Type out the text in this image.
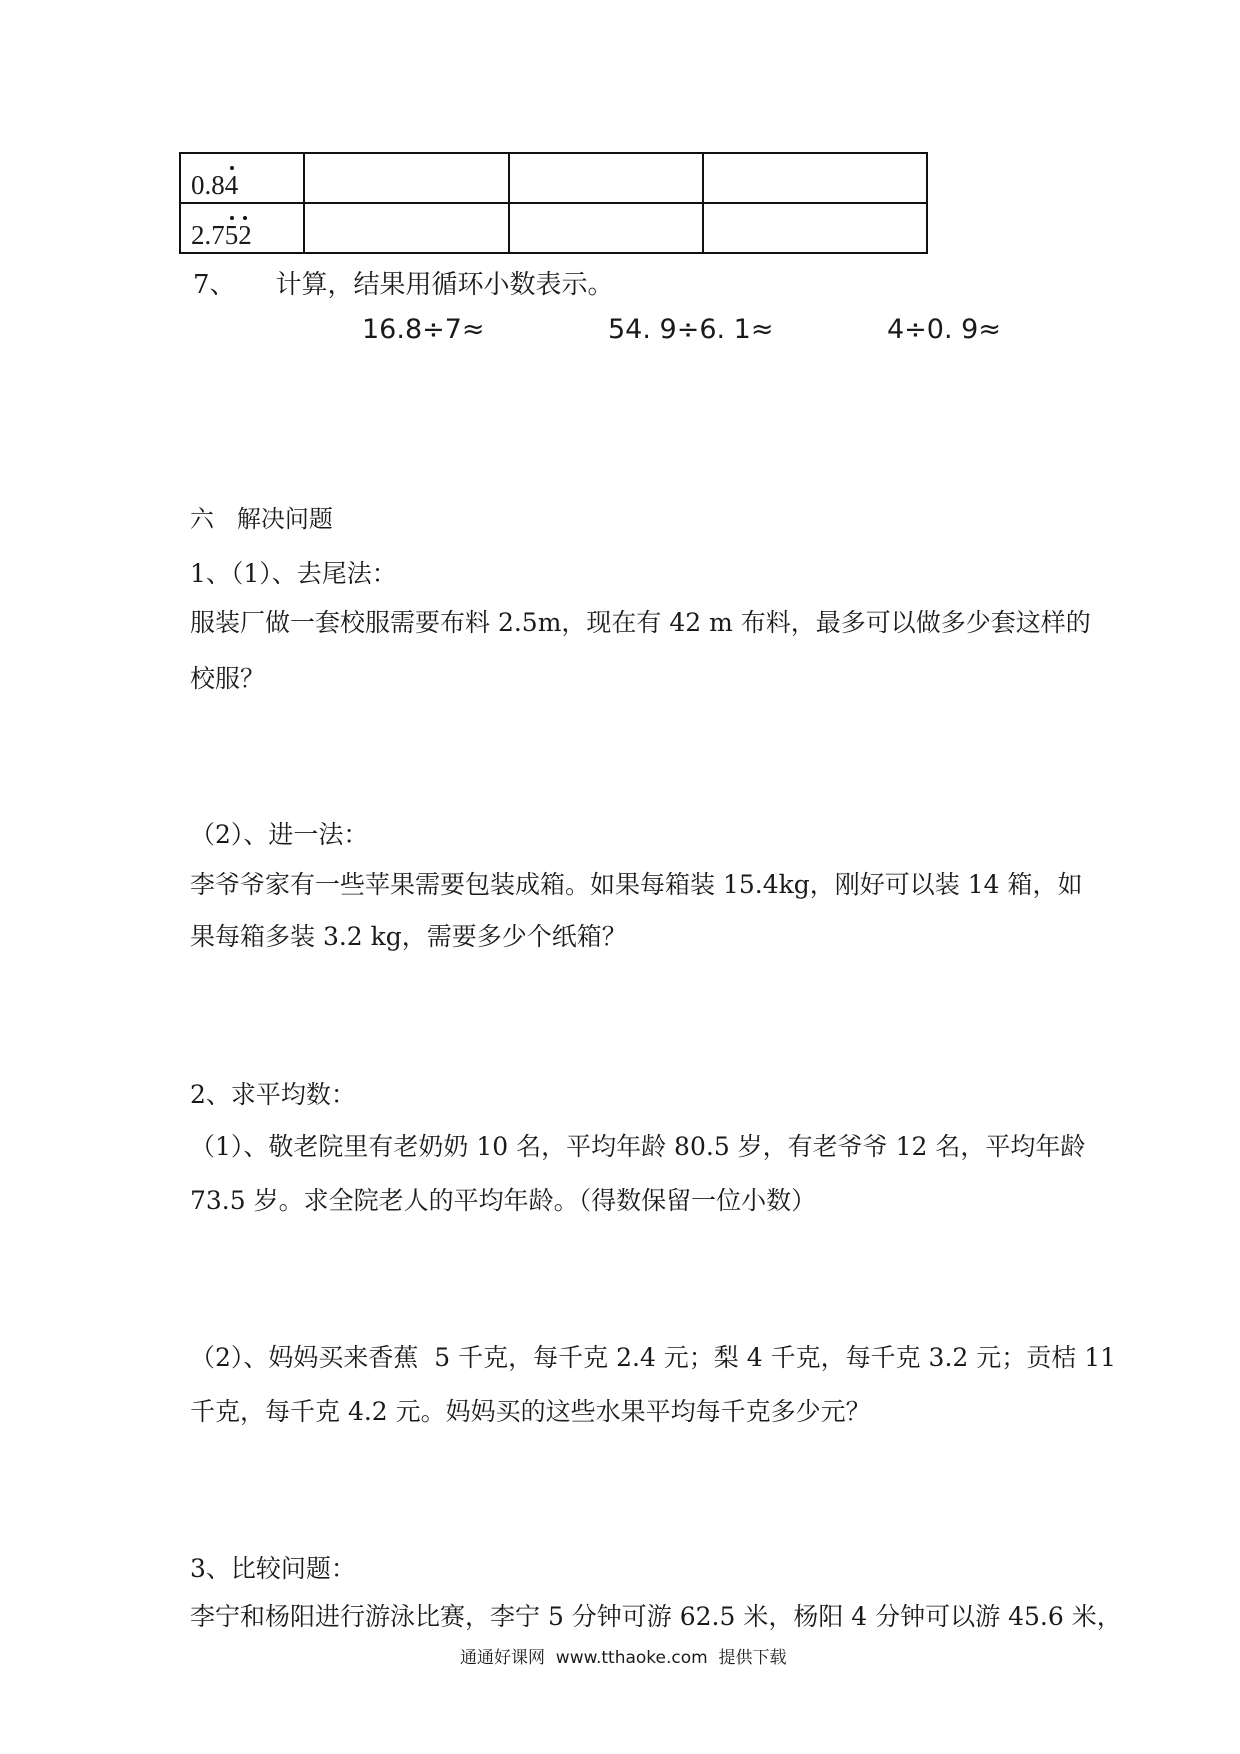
0.84			
2.752			
7、 计算，结果用循环小数表示。
16.8÷7≈	54. 9÷6. 1≈	4÷0. 9≈
六   解决问题
1、（1）、去尾法：
服装厂做一套校服需要布料 2.5m，现在有 42 m 布料，最多可以做多少套这样的
校服？
（2）、进一法：
李爷爷家有一些苹果需要包装成箱。如果每箱装 15.4kg，刚好可以装 14 箱，如
果每箱多装 3.2 kg，需要多少个纸箱？
2、求平均数：
（1）、敬老院里有老奶奶 10 名，平均年龄 80.5 岁，有老爷爷 12 名，平均年龄
73.5 岁。求全院老人的平均年龄。（得数保留一位小数）
（2）、妈妈买来香蕉  5 千克，每千克 2.4 元；梨 4 千克，每千克 3.2 元；贡桔 11
千克，每千克 4.2 元。妈妈买的这些水果平均每千克多少元？
3、比较问题：
李宁和杨阳进行游泳比赛，李宁 5 分钟可游 62.5 米，杨阳 4 分钟可以游 45.6 米，
通通好课网  www.tthaoke.com  提供下载
